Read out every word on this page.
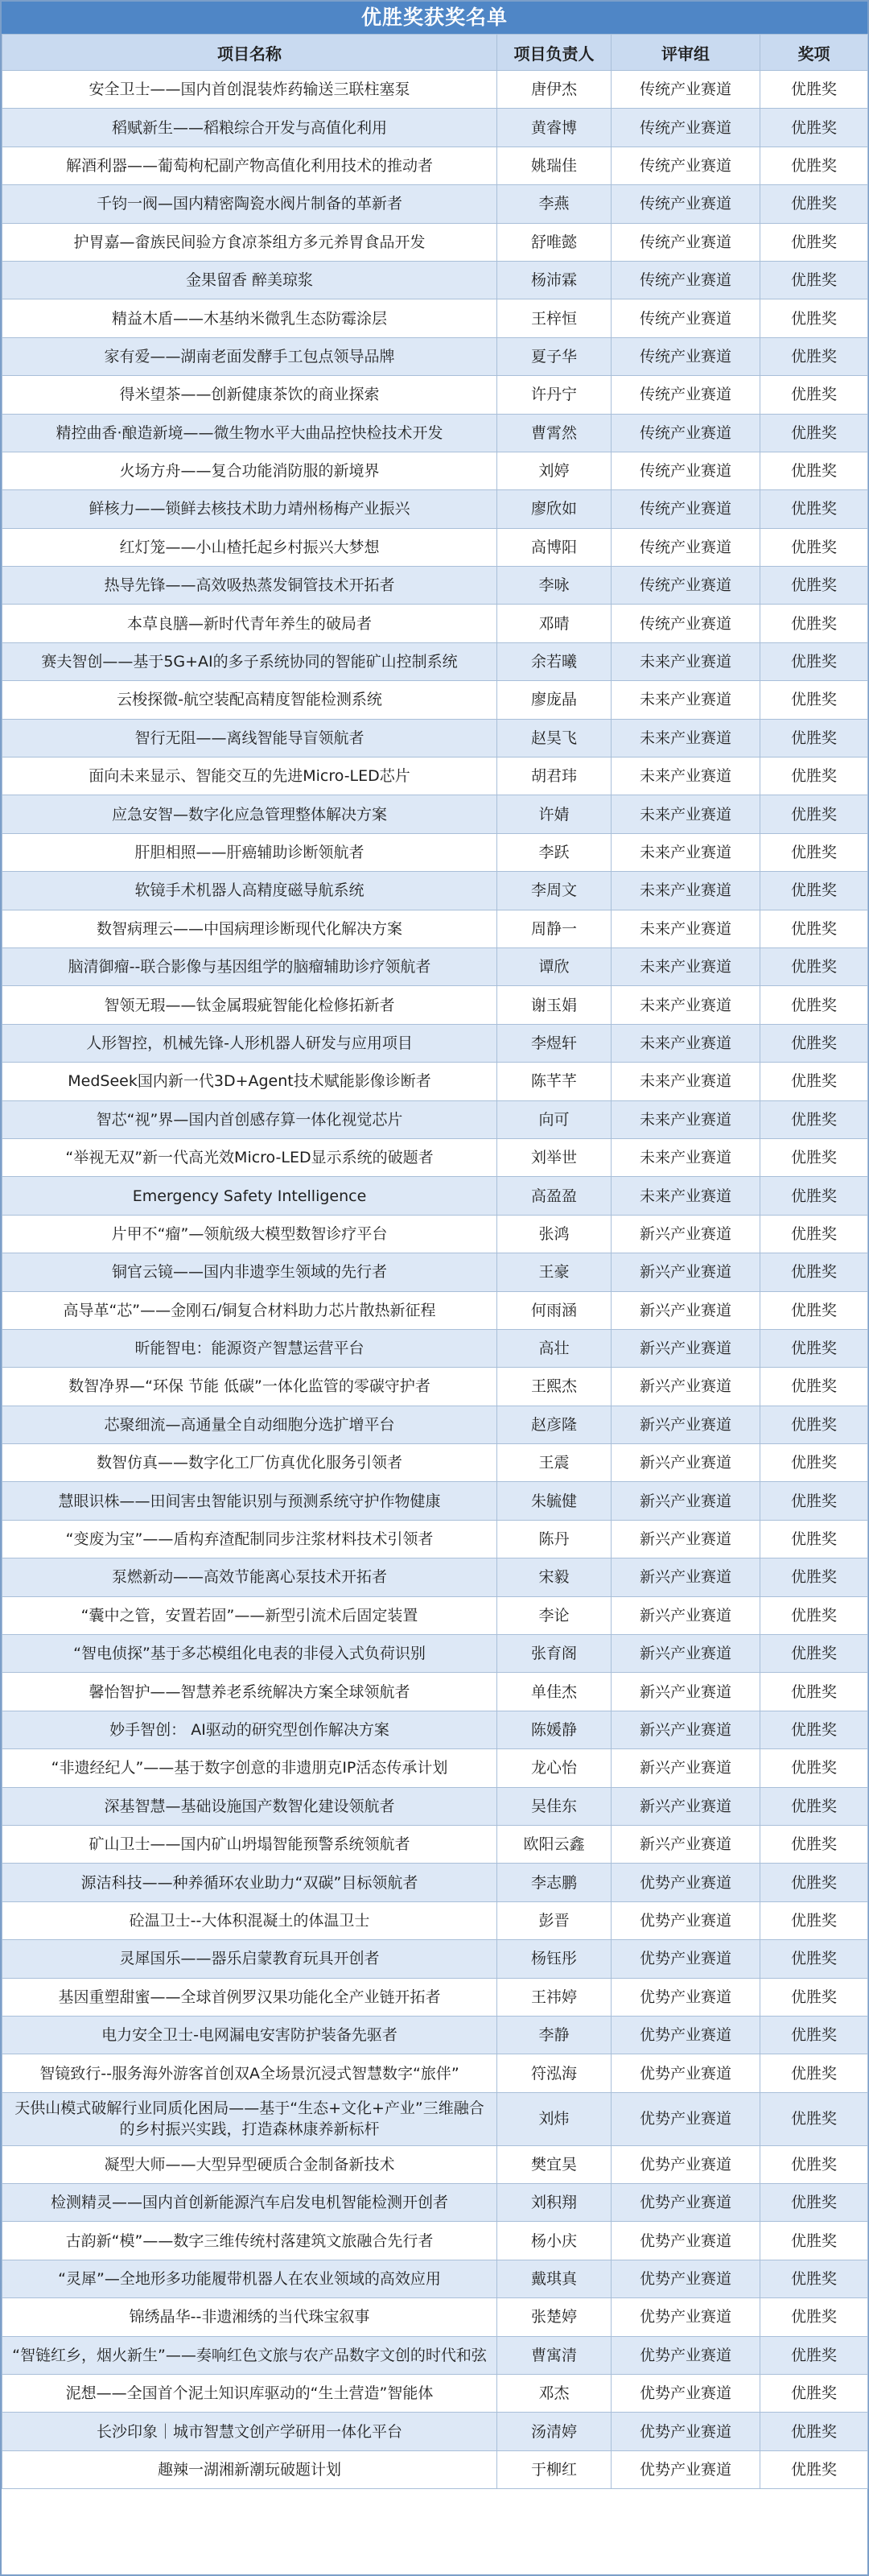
优胜奖获奖名单
项目名称	项目负责人	评审组	奖项
安全卫士——国内首创混装炸药输送三联柱塞泵	唐伊杰	传统产业赛道	优胜奖
稻赋新生——稻粮综合开发与高值化利用	黄睿博	传统产业赛道	优胜奖
解酒利器——葡萄枸杞副产物高值化利用技术的推动者	姚瑞佳	传统产业赛道	优胜奖
千钧一阀—国内精密陶瓷水阀片制备的革新者	李燕	传统产业赛道	优胜奖
护胃嘉—畲族民间验方食凉茶组方多元养胃食品开发	舒唯懿	传统产业赛道	优胜奖
金果留香 醉美琼浆	杨沛霖	传统产业赛道	优胜奖
精益木盾——木基纳米微乳生态防霉涂层	王梓恒	传统产业赛道	优胜奖
家有爱——湖南老面发酵手工包点领导品牌	夏子华	传统产业赛道	优胜奖
得米望茶——创新健康茶饮的商业探索	许丹宁	传统产业赛道	优胜奖
精控曲香·酿造新境——微生物水平大曲品控快检技术开发	曹霄然	传统产业赛道	优胜奖
火场方舟——复合功能消防服的新境界	刘婷	传统产业赛道	优胜奖
鲜核力——锁鲜去核技术助力靖州杨梅产业振兴	廖欣如	传统产业赛道	优胜奖
红灯笼——小山楂托起乡村振兴大梦想	高博阳	传统产业赛道	优胜奖
热导先锋——高效吸热蒸发铜管技术开拓者	李咏	传统产业赛道	优胜奖
本草良膳—新时代青年养生的破局者	邓晴	传统产业赛道	优胜奖
赛夫智创——基于5G+AI的多子系统协同的智能矿山控制系统	余若曦	未来产业赛道	优胜奖
云梭探微-航空装配高精度智能检测系统	廖庞晶	未来产业赛道	优胜奖
智行无阻——离线智能导盲领航者	赵昊飞	未来产业赛道	优胜奖
面向未来显示、智能交互的先进Micro-LED芯片	胡君玮	未来产业赛道	优胜奖
应急安智—数字化应急管理整体解决方案	许婧	未来产业赛道	优胜奖
肝胆相照——肝癌辅助诊断领航者	李跃	未来产业赛道	优胜奖
软镜手术机器人高精度磁导航系统	李周文	未来产业赛道	优胜奖
数智病理云——中国病理诊断现代化解决方案	周静一	未来产业赛道	优胜奖
脑清御瘤--联合影像与基因组学的脑瘤辅助诊疗领航者	谭欣	未来产业赛道	优胜奖
智领无瑕——钛金属瑕疵智能化检修拓新者	谢玉娟	未来产业赛道	优胜奖
人形智控，机械先锋-人形机器人研发与应用项目	李煜轩	未来产业赛道	优胜奖
MedSeek国内新一代3D+Agent技术赋能影像诊断者	陈芊芊	未来产业赛道	优胜奖
智芯“视”界—国内首创感存算一体化视觉芯片	向可	未来产业赛道	优胜奖
“举视无双”新一代高光效Micro-LED显示系统的破题者	刘举世	未来产业赛道	优胜奖
Emergency Safety Intelligence	高盈盈	未来产业赛道	优胜奖
片甲不“瘤”—领航级大模型数智诊疗平台	张鸿	新兴产业赛道	优胜奖
铜官云镜——国内非遗孪生领域的先行者	王豪	新兴产业赛道	优胜奖
高导革“芯”——金刚石/铜复合材料助力芯片散热新征程	何雨涵	新兴产业赛道	优胜奖
昕能智电：能源资产智慧运营平台	高壮	新兴产业赛道	优胜奖
数智净界—“环保 节能 低碳”一体化监管的零碳守护者	王熙杰	新兴产业赛道	优胜奖
芯聚细流—高通量全自动细胞分选扩增平台	赵彦隆	新兴产业赛道	优胜奖
数智仿真——数字化工厂仿真优化服务引领者	王震	新兴产业赛道	优胜奖
慧眼识株——田间害虫智能识别与预测系统守护作物健康	朱毓健	新兴产业赛道	优胜奖
“变废为宝”——盾构弃渣配制同步注浆材料技术引领者	陈丹	新兴产业赛道	优胜奖
泵燃新动——高效节能离心泵技术开拓者	宋毅	新兴产业赛道	优胜奖
“囊中之管，安置若固”——新型引流术后固定装置	李论	新兴产业赛道	优胜奖
“智电侦探”基于多芯模组化电表的非侵入式负荷识别	张育阁	新兴产业赛道	优胜奖
馨怡智护——智慧养老系统解决方案全球领航者	单佳杰	新兴产业赛道	优胜奖
妙手智创： AI驱动的研究型创作解决方案	陈媛静	新兴产业赛道	优胜奖
“非遗经纪人”——基于数字创意的非遗朋克IP活态传承计划	龙心怡	新兴产业赛道	优胜奖
深基智慧—基础设施国产数智化建设领航者	吴佳东	新兴产业赛道	优胜奖
矿山卫士——国内矿山坍塌智能预警系统领航者	欧阳云鑫	新兴产业赛道	优胜奖
源洁科技——种养循环农业助力“双碳”目标领航者	李志鹏	优势产业赛道	优胜奖
砼温卫士--大体积混凝土的体温卫士	彭晋	优势产业赛道	优胜奖
灵犀国乐——器乐启蒙教育玩具开创者	杨钰彤	优势产业赛道	优胜奖
基因重塑甜蜜——全球首例罗汉果功能化全产业链开拓者	王祎婷	优势产业赛道	优胜奖
电力安全卫士-电网漏电安害防护装备先驱者	李静	优势产业赛道	优胜奖
智镜致行--服务海外游客首创双A全场景沉浸式智慧数字“旅伴”	符泓海	优势产业赛道	优胜奖
天供山模式破解行业同质化困局——基于“生态+文化+产业”三维融合的乡村振兴实践，打造森林康养新标杆	刘炜	优势产业赛道	优胜奖
凝型大师——大型异型硬质合金制备新技术	樊宜昊	优势产业赛道	优胜奖
检测精灵——国内首创新能源汽车启发电机智能检测开创者	刘积翔	优势产业赛道	优胜奖
古韵新“模”——数字三维传统村落建筑文旅融合先行者	杨小庆	优势产业赛道	优胜奖
“灵犀”—全地形多功能履带机器人在农业领域的高效应用	戴琪真	优势产业赛道	优胜奖
锦绣晶华--非遗湘绣的当代珠宝叙事	张楚婷	优势产业赛道	优胜奖
“智链红乡，烟火新生”——奏响红色文旅与农产品数字文创的时代和弦	曹寓清	优势产业赛道	优胜奖
泥想——全国首个泥土知识库驱动的“生土营造”智能体	邓杰	优势产业赛道	优胜奖
长沙印象｜城市智慧文创产学研用一体化平台	汤清婷	优势产业赛道	优胜奖
趣辣一湖湘新潮玩破题计划	于柳红	优势产业赛道	优胜奖
